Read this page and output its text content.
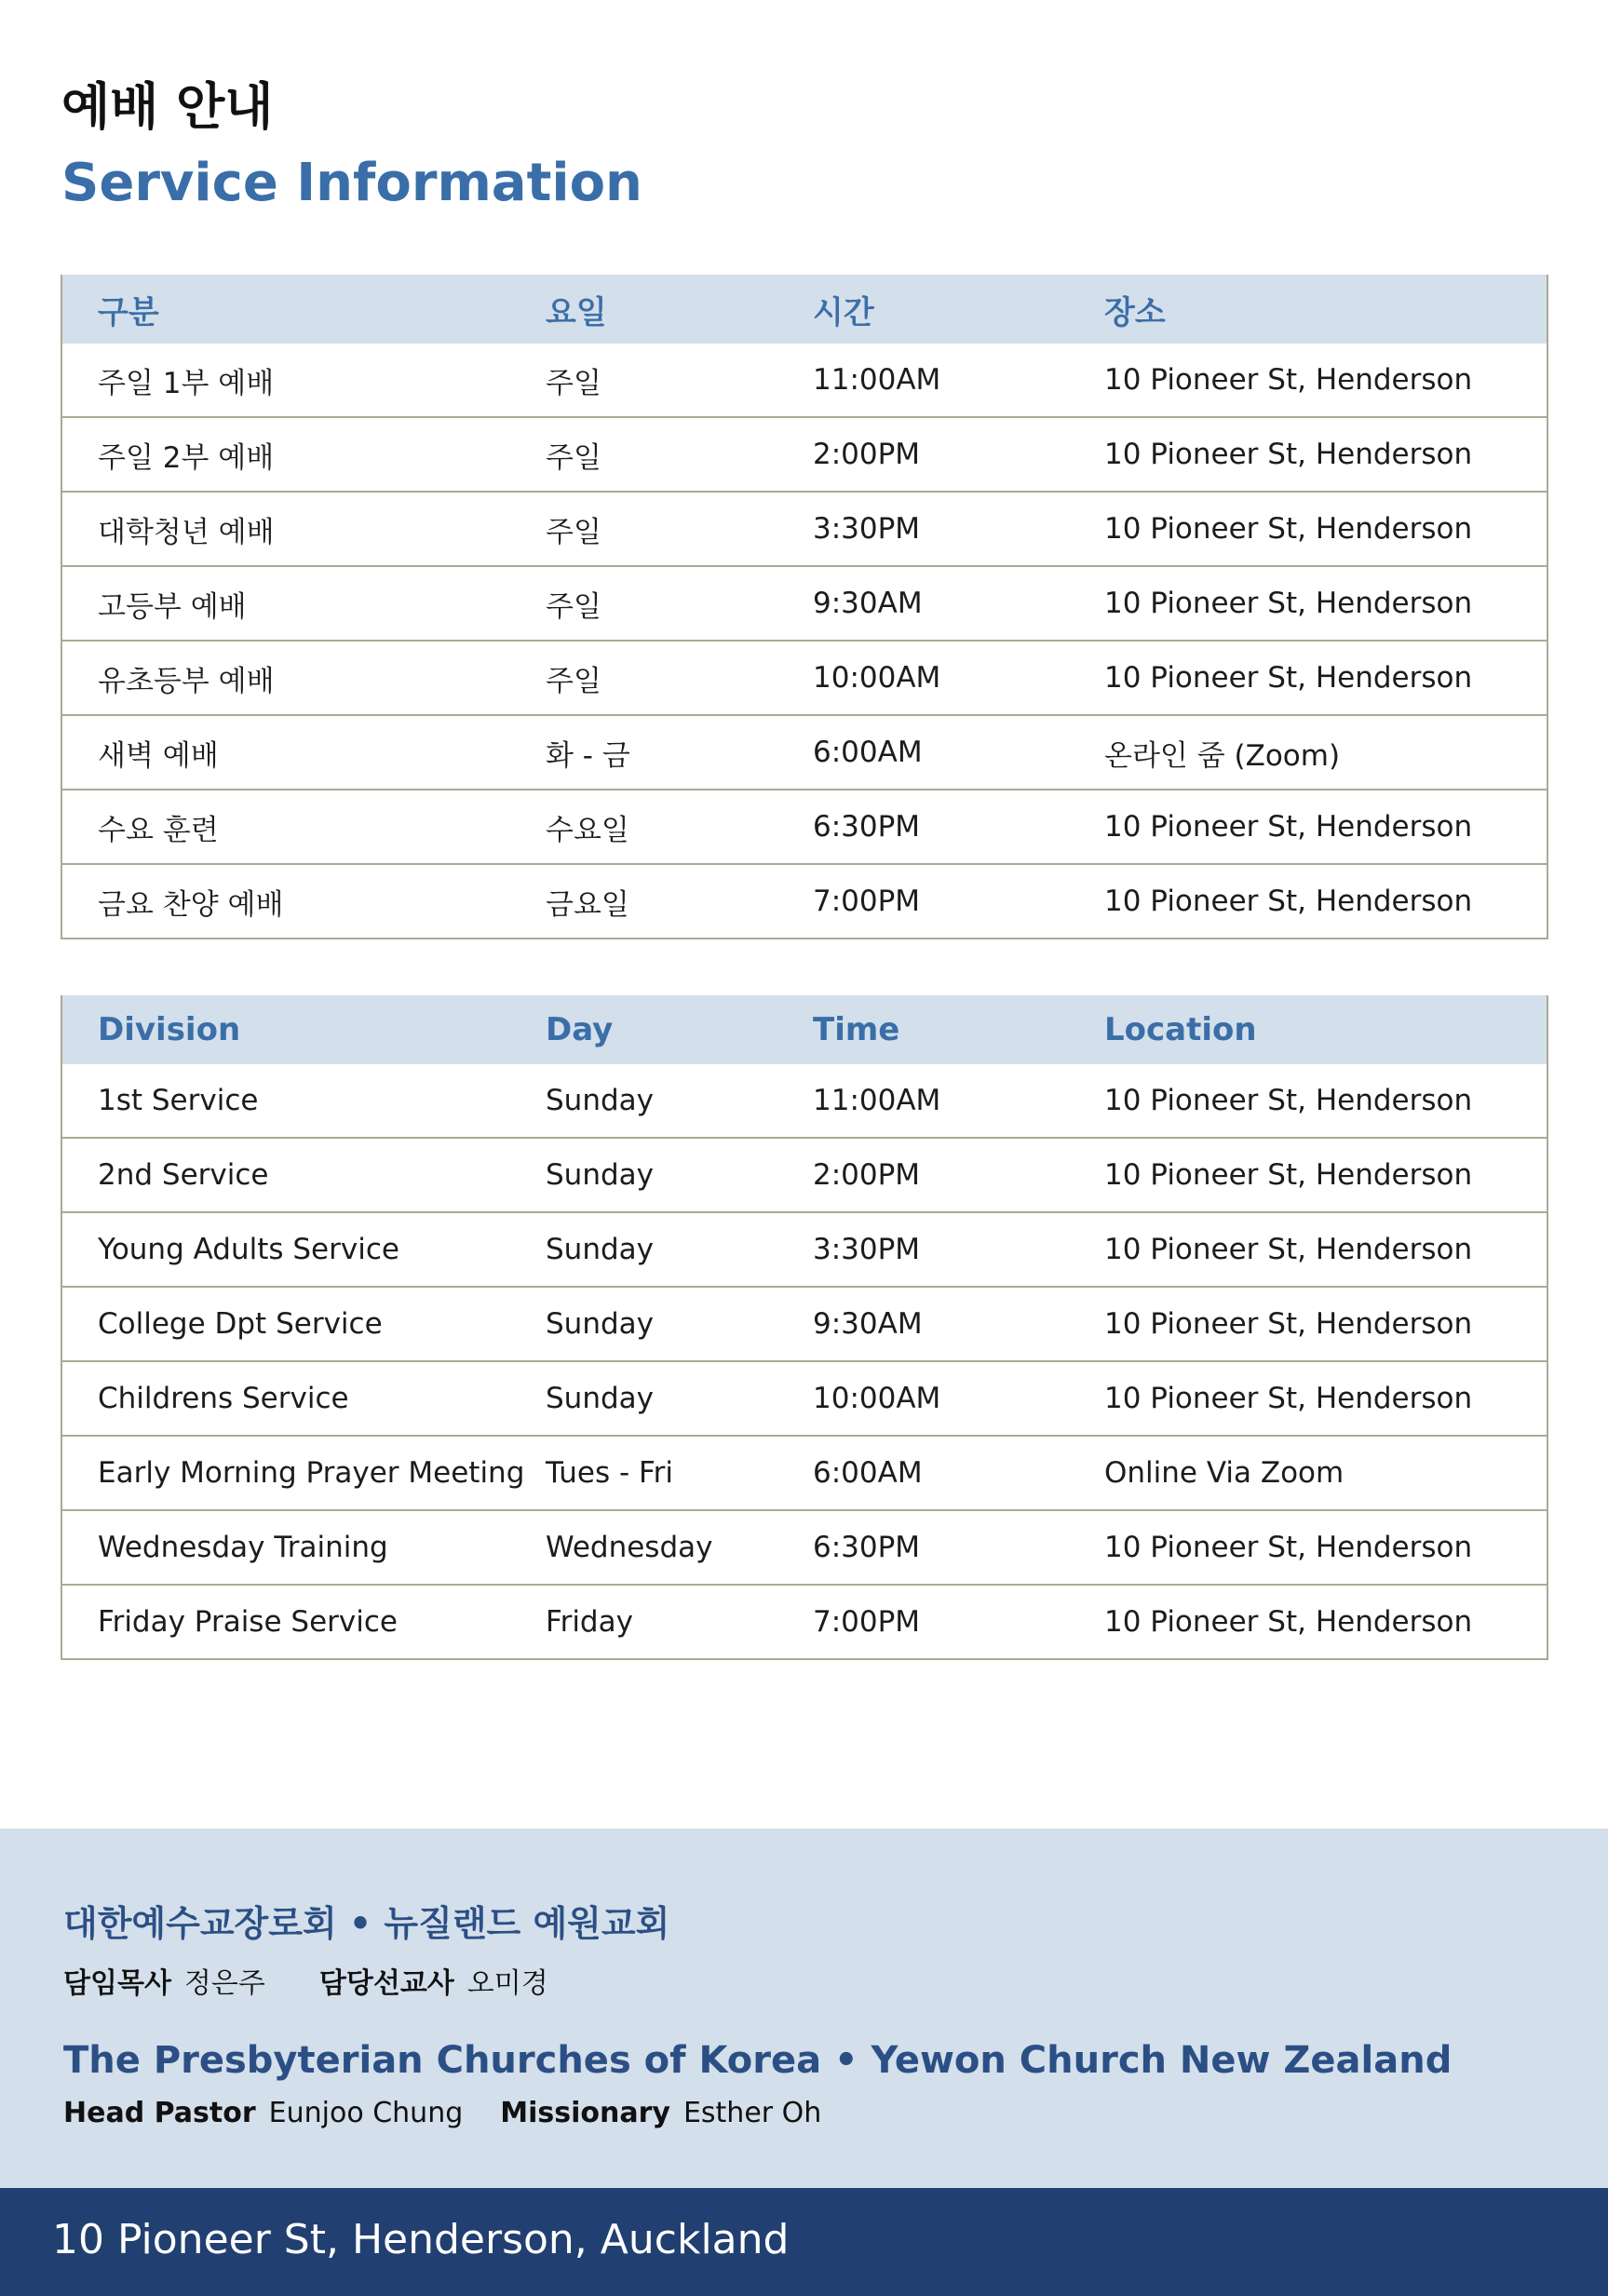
예배 안내
Service Information
구분	요일	시간	장소
주일 1부 예배	주일	11:00AM	10 Pioneer St, Henderson
주일 2부 예배	주일	2:00PM	10 Pioneer St, Henderson
대학청년 예배	주일	3:30PM	10 Pioneer St, Henderson
고등부 예배	주일	9:30AM	10 Pioneer St, Henderson
유초등부 예배	주일	10:00AM	10 Pioneer St, Henderson
새벽 예배	화 - 금	6:00AM	온라인 줌 (Zoom)
수요 훈련	수요일	6:30PM	10 Pioneer St, Henderson
금요 찬양 예배	금요일	7:00PM	10 Pioneer St, Henderson
Division	Day	Time	Location
1st Service	Sunday	11:00AM	10 Pioneer St, Henderson
2nd Service	Sunday	2:00PM	10 Pioneer St, Henderson
Young Adults Service	Sunday	3:30PM	10 Pioneer St, Henderson
College Dpt Service	Sunday	9:30AM	10 Pioneer St, Henderson
Childrens Service	Sunday	10:00AM	10 Pioneer St, Henderson
Early Morning Prayer Meeting	Tues - Fri	6:00AM	Online Via Zoom
Wednesday Training	Wednesday	6:30PM	10 Pioneer St, Henderson
Friday Praise Service	Friday	7:00PM	10 Pioneer St, Henderson
대한예수교장로회 • 뉴질랜드 예원교회
담임목사 정은주 담당선교사 오미경
The Presbyterian Churches of Korea • Yewon Church New Zealand
Head Pastor Eunjoo Chung Missionary Esther Oh
10 Pioneer St, Henderson, Auckland
